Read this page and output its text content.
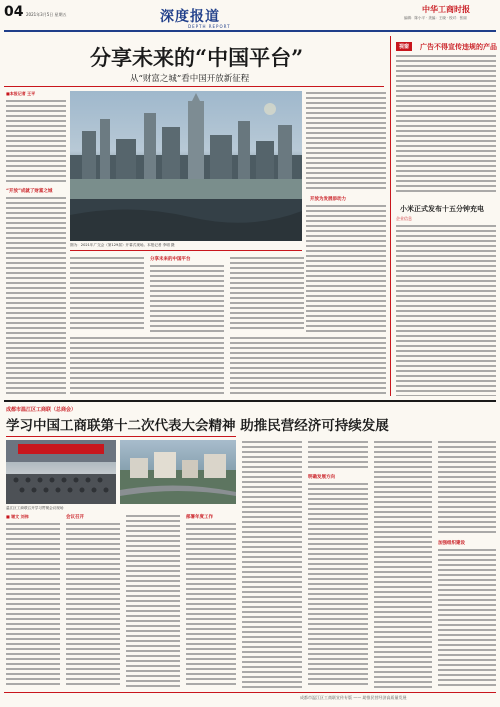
04 2021年3月5日 星期五	深度报道
DEPTH REPORT
中华工商时报
编辑：陈小平 · 美编：王晓 · 校对：张丽
分享未来的“中国平台”
从“财富之城”看中国开放新征程
■本报记者 王平
“开放”成就了财富之城
图为：2021年广交会（第129届）开幕式现场。本报记者 李明 摄
分享未来的中国平台
开放为发展添动力
视窗	广告不得宣传违规的产品
小米正式发布十五分钟充电
企业信息
成都市温江区工商联（总商会）
学习中国工商联第十二次代表大会精神 助推民营经济可持续发展
温江区工商联召开学习贯彻会议现场
■ 谢文 刘伟	会议召开	部署年度工作
明确发展方向
加强组织建设
成都市温江区工商联宣传专版 —— 助推民营经济高质量发展
